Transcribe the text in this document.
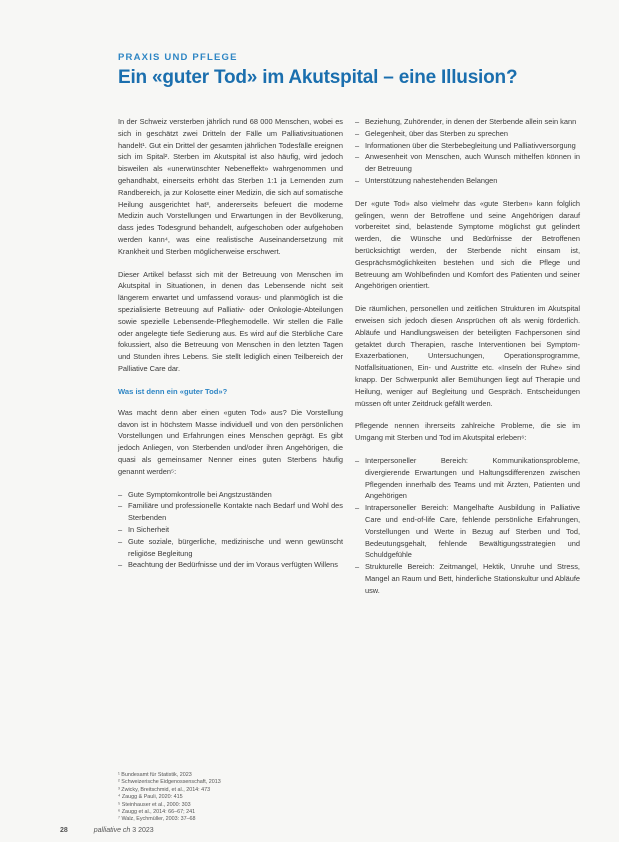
PRAXIS UND PFLEGE
Ein «guter Tod» im Akutspital – eine Illusion?

In der Schweiz versterben jährlich rund 68 000 Menschen, wobei es sich in geschätzt zwei Dritteln der Fälle um Palliativsituationen handelt¹. Gut ein Drittel der gesamten jährlichen Todesfälle ereignen sich im Spital². Sterben im Akutspital ist also häufig, wird jedoch bisweilen als «unerwünschter Nebeneffekt» wahrgenommen und gehandhabt, einerseits erhöht das Sterben 1:1 ja Lernenden zum Randbereich, ja zur Kolosette einer Medizin, die sich auf somatische Heilung ausgerichtet hat³, andererseits befeuert die moderne Medizin auch Vorstellungen und Erwartungen in der Bevölkerung, dass jedes Todesgrund behandelt, aufgeschoben oder aufgehoben werden kann⁴, was eine realistische Auseinandersetzung mit Krankheit und Sterben möglicherweise erschwert.

Dieser Artikel befasst sich mit der Betreuung von Menschen im Akutspital in Situationen, in denen das Lebensende nicht seit längerem erwartet und umfassend voraus- und planmöglich ist die spezialisierte Betreuung auf Palliativ- oder Onkologie-Abteilungen sowie spezielle Lebensende-Pfleghemodelle. Wir stellen die Fälle oder angelegte tiefe Sedierung aus. Es wird auf die Sterbliche Care fokussiert, also die Betreuung von Menschen in den letzten Tagen und Stunden ihres Lebens. Sie stellt lediglich einen Teilbereich der Palliative Care dar.

Was ist denn ein «guter Tod»?

Was macht denn aber einen «guten Tod» aus? Die Vorstellung davon ist in höchstem Masse individuell und von den persönlichen Vorstellungen und Erfahrungen eines Menschen geprägt. Es gibt jedoch Anliegen, von Sterbenden und/oder ihren Angehörigen, die quasi als gemeinsamer Nenner eines guten Sterbens häufig genannt werden⁵:

– Gute Symptomkontrolle bei Angstzuständen
– Familiäre und professionelle Kontakte nach Bedarf und Wohl des Sterbenden
– In Sicherheit
– Gute soziale, bürgerliche, medizinische und wenn gewünscht religiöse Begleitung
– Beachtung der Bedürfnisse und der im Voraus verfügten Willens
– Beziehung, Zuhörender, in denen der Sterbende allein sein kann
– Gelegenheit, über das Sterben zu sprechen
– Informationen über die Sterbebegleitung und Palliativversorgung
– Anwesenheit von Menschen, auch Wunsch mithelfen können in der Betreuung
– Unterstützung nahestehenden Belangen

Der «gute Tod» also vielmehr das «gute Sterben» kann folglich gelingen, wenn der Betroffene und seine Angehörigen darauf vorbereitet sind, belastende Symptome möglichst gut gelindert werden, die Wünsche und Bedürfnisse der Betroffenen berücksichtigt werden, der Sterbende nicht einsam ist, Gesprächsmöglichkeiten bestehen und sich die Pflege und Betreuung am Wohlbefinden und Komfort des Patienten und seiner Angehörigen orientiert.

Die räumlichen, personellen und zeitlichen Strukturen im Akutspital erweisen sich jedoch diesen Ansprüchen oft als wenig förderlich. Abläufe und Handlungsweisen der beteiligten Fachpersonen sind getaktet durch Therapien, rasche Interventionen bei Symptom-Exazerbationen, Untersuchungen, Operationsprogramme, Notfallsituationen, Ein- und Austritte etc. «Inseln der Ruhe» sind knapp. Der Schwerpunkt aller Bemühungen liegt auf Therapie und Heilung, weniger auf Begleitung und Gespräch. Entscheidungen müssen oft unter Zeitdruck gefällt werden.

Pflegende nennen ihrerseits zahlreiche Probleme, die sie im Umgang mit Sterben und Tod im Akutspital erleben⁶:

– Interpersoneller Bereich: Kommunikationsprobleme, divergierende Erwartungen und Haltungsdifferenzen zwischen Pflegenden innerhalb des Teams und mit Ärzten, Patienten und Angehörigen
– Intrapersoneller Bereich: Mangelhafte Ausbildung in Palliative Care und end-of-life Care, fehlende persönliche Erfahrungen, Vorstellungen und Werte in Bezug auf Sterben und Tod, Bedeutungsgehalt, fehlende Bewältigungsstrategien und Schuldgefühle
– Strukturelle Bereich: Zeitmangel, Hektik, Unruhe und Stress, Mangel an Raum und Bett, hinderliche Stationskultur und Abläufe usw.
¹ Bundesamt für Statistik, 2023
² Schweizerische Eidgenossenschaft, 2013
³ Zwicky, Breitschmid, et al., 2014: 473
⁴ Zaugg & Pauli, 2020: 415
⁵ Steinhauser et al., 2000: 303
⁶ Zaugg et al., 2014: 66–67; 241
⁷ Walz, Eychmüller, 2003: 37–68
28	palliative ch 3 2023
